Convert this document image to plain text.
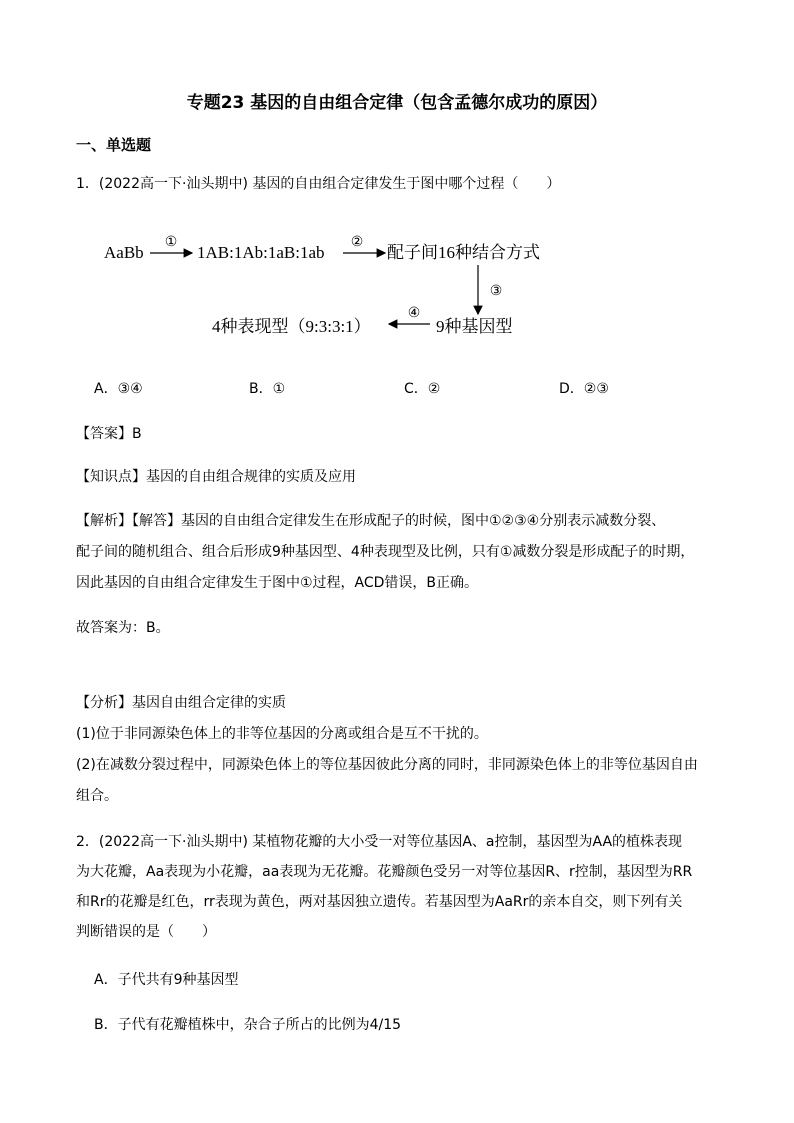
专题23 基因的自由组合定律（包含孟德尔成功的原因）
一、单选题
1．(2022高一下·汕头期中) 基因的自由组合定律发生于图中哪个过程（　　）
AaBb
①
1AB:1Ab:1aB:1ab
②
配子间16种结合方式
③
9种基因型
④
4种表现型（9:3:3:1）
A．③④	B．①	C．②	D．②③
【答案】B
【知识点】基因的自由组合规律的实质及应用
【解析】【解答】基因的自由组合定律发生在形成配子的时候，图中①②③④分别表示减数分裂、
配子间的随机组合、组合后形成9种基因型、4种表现型及比例，只有①减数分裂是形成配子的时期，
因此基因的自由组合定律发生于图中①过程，ACD错误，B正确。
故答案为：B。
【分析】基因自由组合定律的实质
(1)位于非同源染色体上的非等位基因的分离或组合是互不干扰的。
(2)在减数分裂过程中，同源染色体上的等位基因彼此分离的同时，非同源染色体上的非等位基因自由
组合。
2．(2022高一下·汕头期中) 某植物花瓣的大小受一对等位基因A、a控制，基因型为AA的植株表现
为大花瓣，Aa表现为小花瓣，aa表现为无花瓣。花瓣颜色受另一对等位基因R、r控制，基因型为RR
和Rr的花瓣是红色，rr表现为黄色，两对基因独立遗传。若基因型为AaRr的亲本自交，则下列有关
判断错误的是（　　）
A．子代共有9种基因型
B．子代有花瓣植株中，杂合子所占的比例为4/15
